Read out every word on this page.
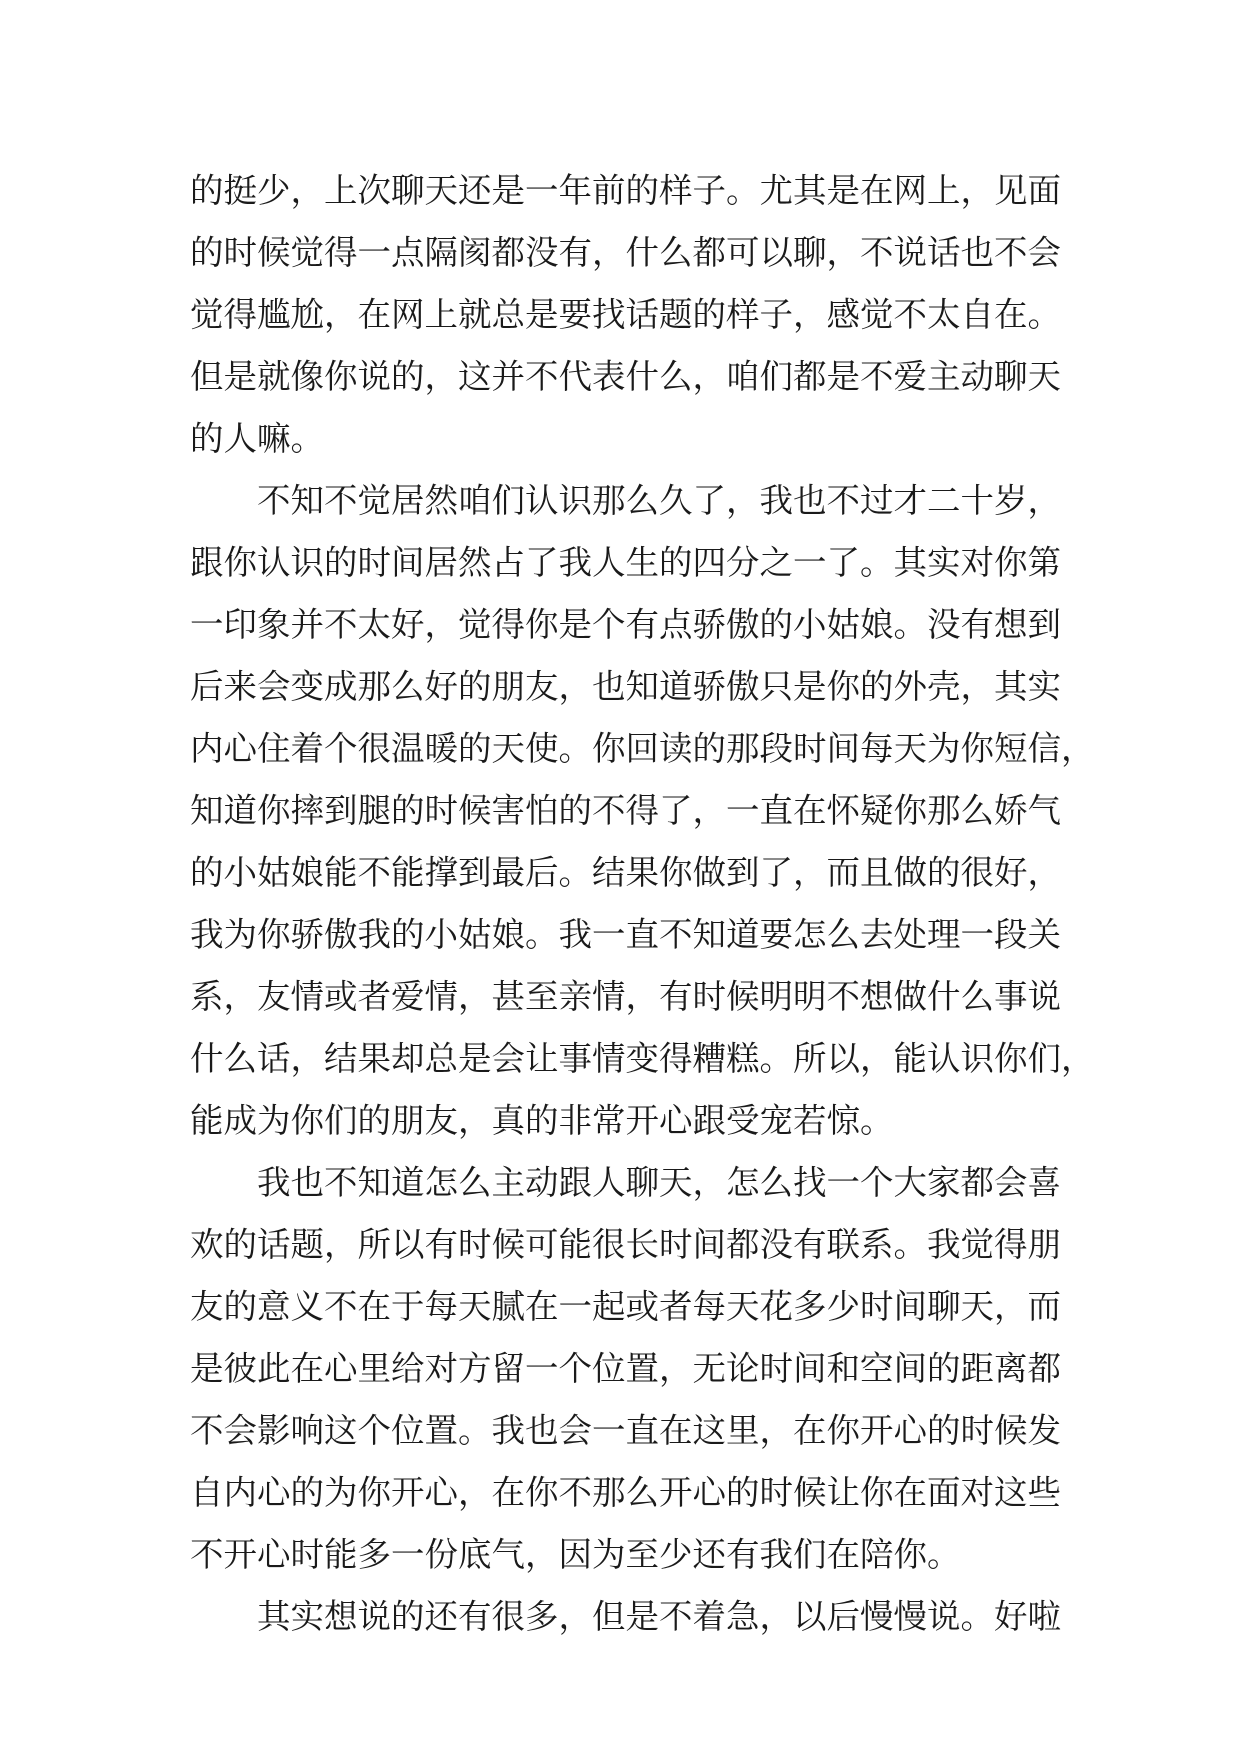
的挺少，上次聊天还是一年前的样子。尤其是在网上，见面
的时候觉得一点隔阂都没有，什么都可以聊，不说话也不会
觉得尴尬，在网上就总是要找话题的样子，感觉不太自在。
但是就像你说的，这并不代表什么，咱们都是不爱主动聊天
的人嘛。
不知不觉居然咱们认识那么久了，我也不过才二十岁，
跟你认识的时间居然占了我人生的四分之一了。其实对你第
一印象并不太好，觉得你是个有点骄傲的小姑娘。没有想到
后来会变成那么好的朋友，也知道骄傲只是你的外壳，其实
内心住着个很温暖的天使。你回读的那段时间每天为你短信，
知道你摔到腿的时候害怕的不得了，一直在怀疑你那么娇气
的小姑娘能不能撑到最后。结果你做到了，而且做的很好，
我为你骄傲我的小姑娘。我一直不知道要怎么去处理一段关
系，友情或者爱情，甚至亲情，有时候明明不想做什么事说
什么话，结果却总是会让事情变得糟糕。所以，能认识你们，
能成为你们的朋友，真的非常开心跟受宠若惊。
我也不知道怎么主动跟人聊天，怎么找一个大家都会喜
欢的话题，所以有时候可能很长时间都没有联系。我觉得朋
友的意义不在于每天腻在一起或者每天花多少时间聊天，而
是彼此在心里给对方留一个位置，无论时间和空间的距离都
不会影响这个位置。我也会一直在这里，在你开心的时候发
自内心的为你开心，在你不那么开心的时候让你在面对这些
不开心时能多一份底气，因为至少还有我们在陪你。
其实想说的还有很多，但是不着急，以后慢慢说。好啦
